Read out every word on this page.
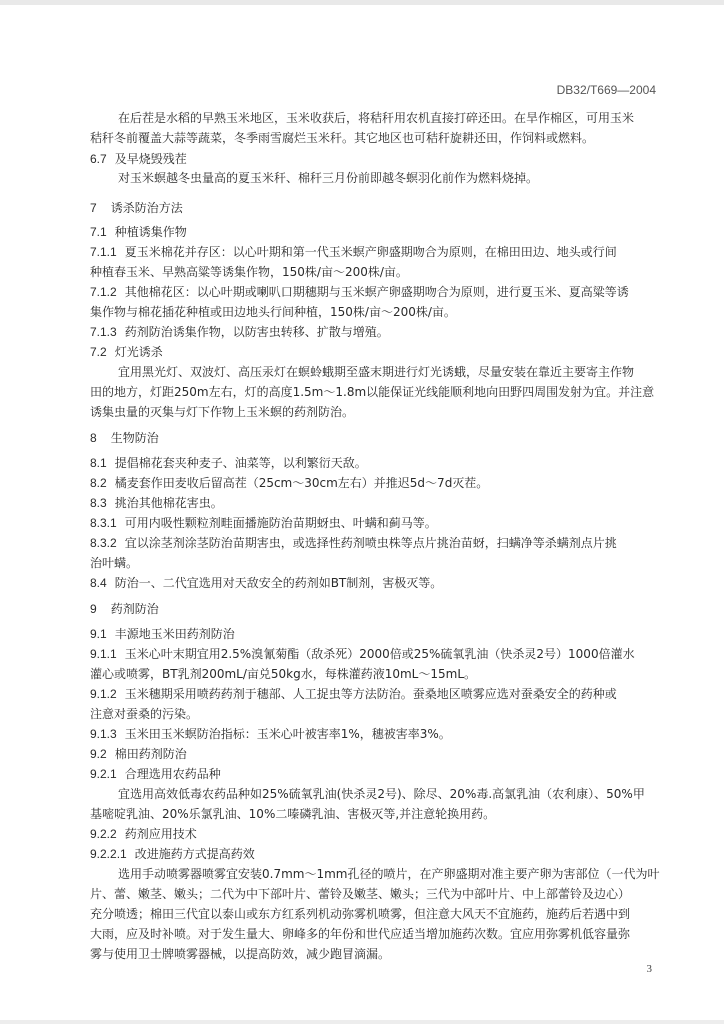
DB32/T669—2004
在后茬是水稻的早熟玉米地区，玉米收获后，将秸秆用农机直接打碎还田。在旱作棉区，可用玉米
秸秆冬前覆盖大蒜等蔬菜，冬季雨雪腐烂玉米秆。其它地区也可秸秆旋耕还田，作饲料或燃料。
6.7 及早烧毁残茬
对玉米螟越冬虫量高的夏玉米秆、棉秆三月份前即越冬螟羽化前作为燃料烧掉。
7 诱杀防治方法
7.1 种植诱集作物
7.1.1 夏玉米棉花并存区：以心叶期和第一代玉米螟产卵盛期吻合为原则，在棉田田边、地头或行间
种植春玉米、早熟高粱等诱集作物，150株/亩～200株/亩。
7.1.2 其他棉花区：以心叶期或喇叭口期穗期与玉米螟产卵盛期吻合为原则，进行夏玉米、夏高粱等诱
集作物与棉花插花种植或田边地头行间种植，150株/亩～200株/亩。
7.1.3 药剂防治诱集作物，以防害虫转移、扩散与增殖。
7.2 灯光诱杀
宜用黑光灯、双波灯、高压汞灯在螟蛉蛾期至盛末期进行灯光诱蛾，尽量安装在靠近主要寄主作物
田的地方，灯距250m左右，灯的高度1.5m～1.8m以能保证光线能顺利地向田野四周围发射为宜。并注意
诱集虫量的灭集与灯下作物上玉米螟的药剂防治。
8 生物防治
8.1 提倡棉花套夹种麦子、油菜等，以利繁衍天敌。
8.2 橘麦套作田麦收后留高茬（25cm～30cm左右）并推迟5d～7d灭茬。
8.3 挑治其他棉花害虫。
8.3.1 可用内吸性颗粒剂畦面播施防治苗期蚜虫、叶螨和蓟马等。
8.3.2 宜以涂茎剂涂茎防治苗期害虫，或选择性药剂喷虫株等点片挑治苗蚜，扫螨净等杀螨剂点片挑
治叶螨。
8.4 防治一、二代宜选用对天敌安全的药剂如BT制剂，害极灭等。
9 药剂防治
9.1 丰源地玉米田药剂防治
9.1.1 玉米心叶末期宜用2.5%溴氰菊酯（敌杀死）2000倍或25%硫氧乳油（快杀灵2号）1000倍灌水
灌心或喷雾，BT乳剂200mL/亩兑50kg水，每株灌药液10mL～15mL。
9.1.2 玉米穗期采用喷药药剂于穗部、人工捉虫等方法防治。蚕桑地区喷雾应选对蚕桑安全的药种或
注意对蚕桑的污染。
9.1.3 玉米田玉米螟防治指标：玉米心叶被害率1%，穗被害率3%。
9.2 棉田药剂防治
9.2.1 合理选用农药品种
宜选用高效低毒农药品种如25%硫氧乳油(快杀灵2号)、除尽、20%毒.高氯乳油（农利康）、50%甲
基嘧啶乳油、20%乐氯乳油、10%二嗪磷乳油、害极灭等,并注意轮换用药。
9.2.2 药剂应用技术
9.2.2.1 改进施药方式提高药效
选用手动喷雾器喷雾宜安装0.7mm～1mm孔径的喷片，在产卵盛期对准主要产卵为害部位（一代为叶
片、蕾、嫩茎、嫩头；二代为中下部叶片、蕾铃及嫩茎、嫩头；三代为中部叶片、中上部蕾铃及边心）
充分喷透；棉田三代宜以泰山或东方红系列机动弥雾机喷雾，但注意大风天不宜施药，施药后若遇中到
大雨，应及时补喷。对于发生量大、卵峰多的年份和世代应适当增加施药次数。宜应用弥雾机低容量弥
雾与使用卫士牌喷雾器械，以提高防效，减少跑冒滴漏。
3
